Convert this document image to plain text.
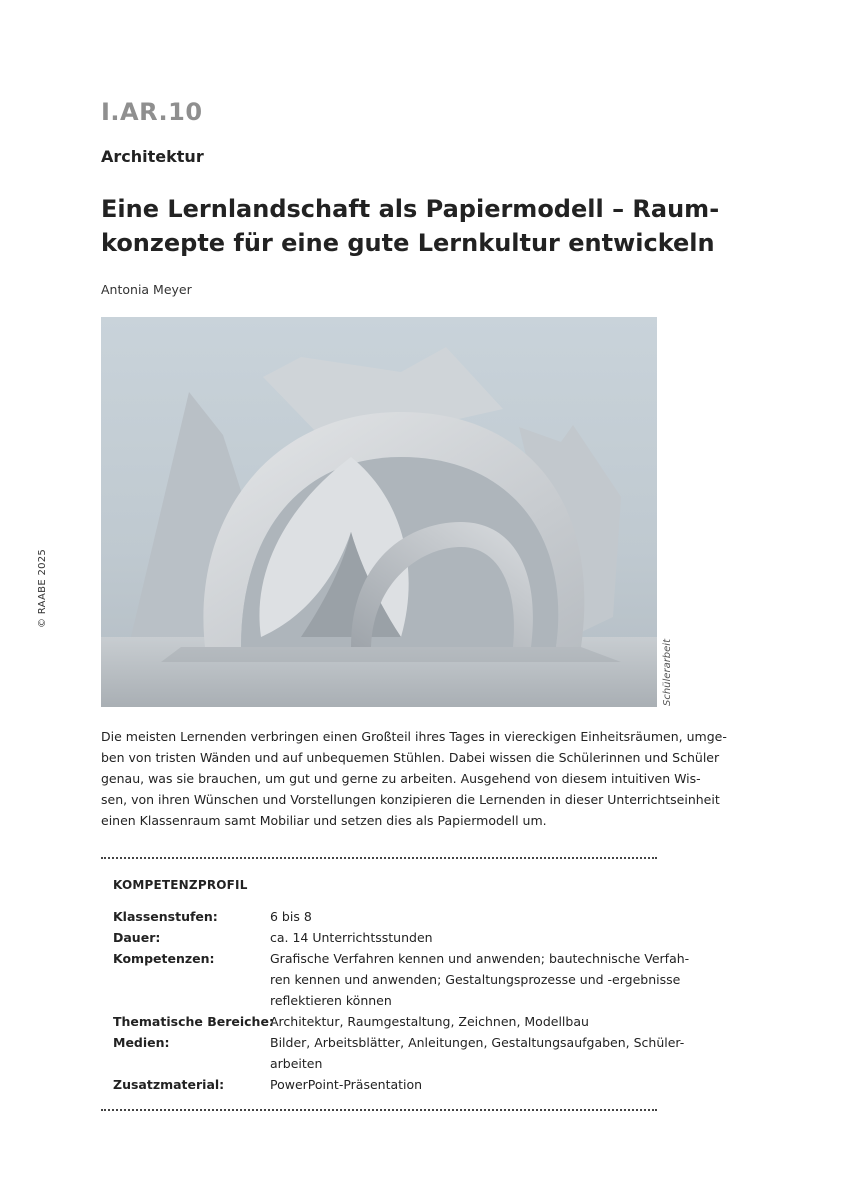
I.AR.10
Architektur
Eine Lernlandschaft als Papiermodell – Raum-
konzepte für eine gute Lernkultur entwickeln
Antonia Meyer
Schülerarbeit
© RAABE 2025
Die meisten Lernenden verbringen einen Großteil ihres Tages in viereckigen Einheitsräumen, umge-
ben von tristen Wänden und auf unbequemen Stühlen. Dabei wissen die Schülerinnen und Schüler
genau, was sie brauchen, um gut und gerne zu arbeiten. Ausgehend von diesem intuitiven Wis-
sen, von ihren Wünschen und Vorstellungen konzipieren die Lernenden in dieser Unterrichtseinheit
einen Klassenraum samt Mobiliar und setzen dies als Papiermodell um.
KOMPETENZPROFIL
Klassenstufen:	6 bis 8
Dauer:	ca. 14 Unterrichtsstunden
Kompetenzen:	Grafische Verfahren kennen und anwenden; bautechnische Verfah-
ren kennen und anwenden; Gestaltungsprozesse und -ergebnisse
reflektieren können
Thematische Bereiche:
Architektur, Raumgestaltung, Zeichnen, Modellbau
Medien:	Bilder, Arbeitsblätter, Anleitungen, Gestaltungsaufgaben, Schüler-
arbeiten
Zusatzmaterial:	PowerPoint-Präsentation
